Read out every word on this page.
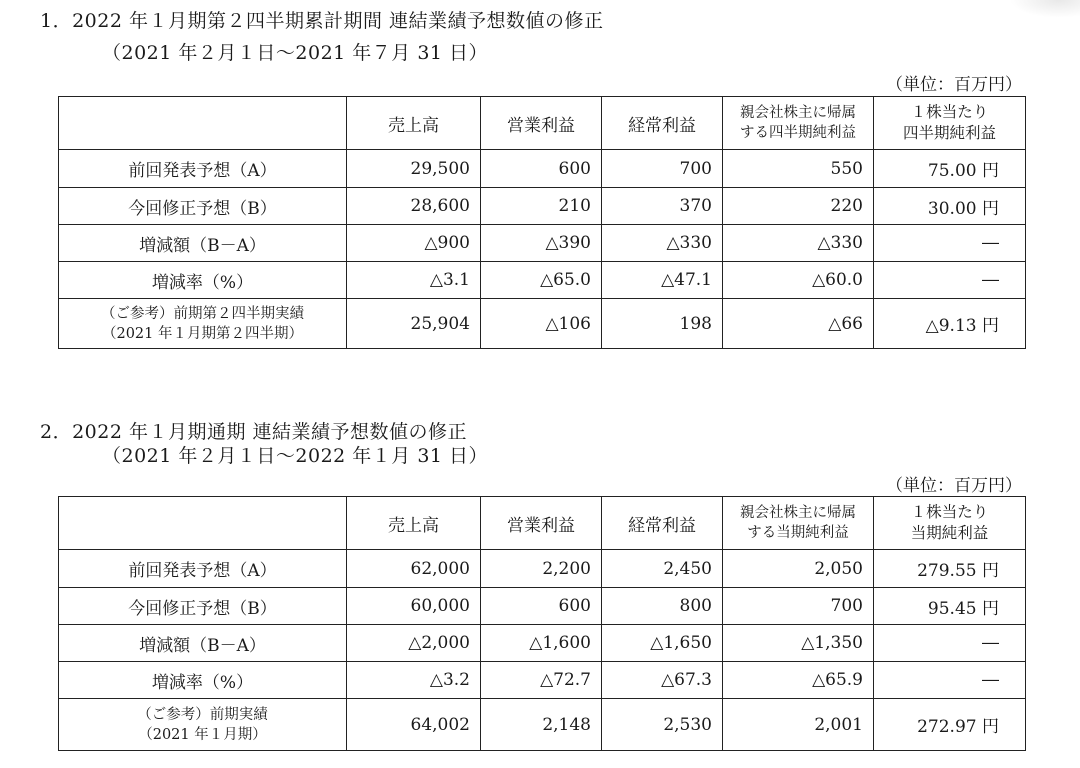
1．2022 年１月期第２四半期累計期間 連結業績予想数値の修正
（2021 年２月１日～2021 年７月 31 日）
（単位：百万円）
	売上高	営業利益	経常利益	親会社株主に帰属
する四半期純利益	１株当たり
四半期純利益
前回発表予想（A）	29,500	600	700	550	75.00 円
今回修正予想（B）	28,600	210	370	220	30.00 円
増減額（B－A）	△900	△390	△330	△330	―
増減率（%）	△3.1	△65.0	△47.1	△60.0	―
（ご参考）前期第２四半期実績
（2021 年１月期第２四半期）	25,904	△106	198	△66	△9.13 円
2．2022 年１月期通期 連結業績予想数値の修正
（2021 年２月１日～2022 年１月 31 日）
（単位：百万円）
	売上高	営業利益	経常利益	親会社株主に帰属
する当期純利益	１株当たり
当期純利益
前回発表予想（A）	62,000	2,200	2,450	2,050	279.55 円
今回修正予想（B）	60,000	600	800	700	95.45 円
増減額（B－A）	△2,000	△1,600	△1,650	△1,350	―
増減率（%）	△3.2	△72.7	△67.3	△65.9	―
（ご参考）前期実績
（2021 年１月期）	64,002	2,148	2,530	2,001	272.97 円
